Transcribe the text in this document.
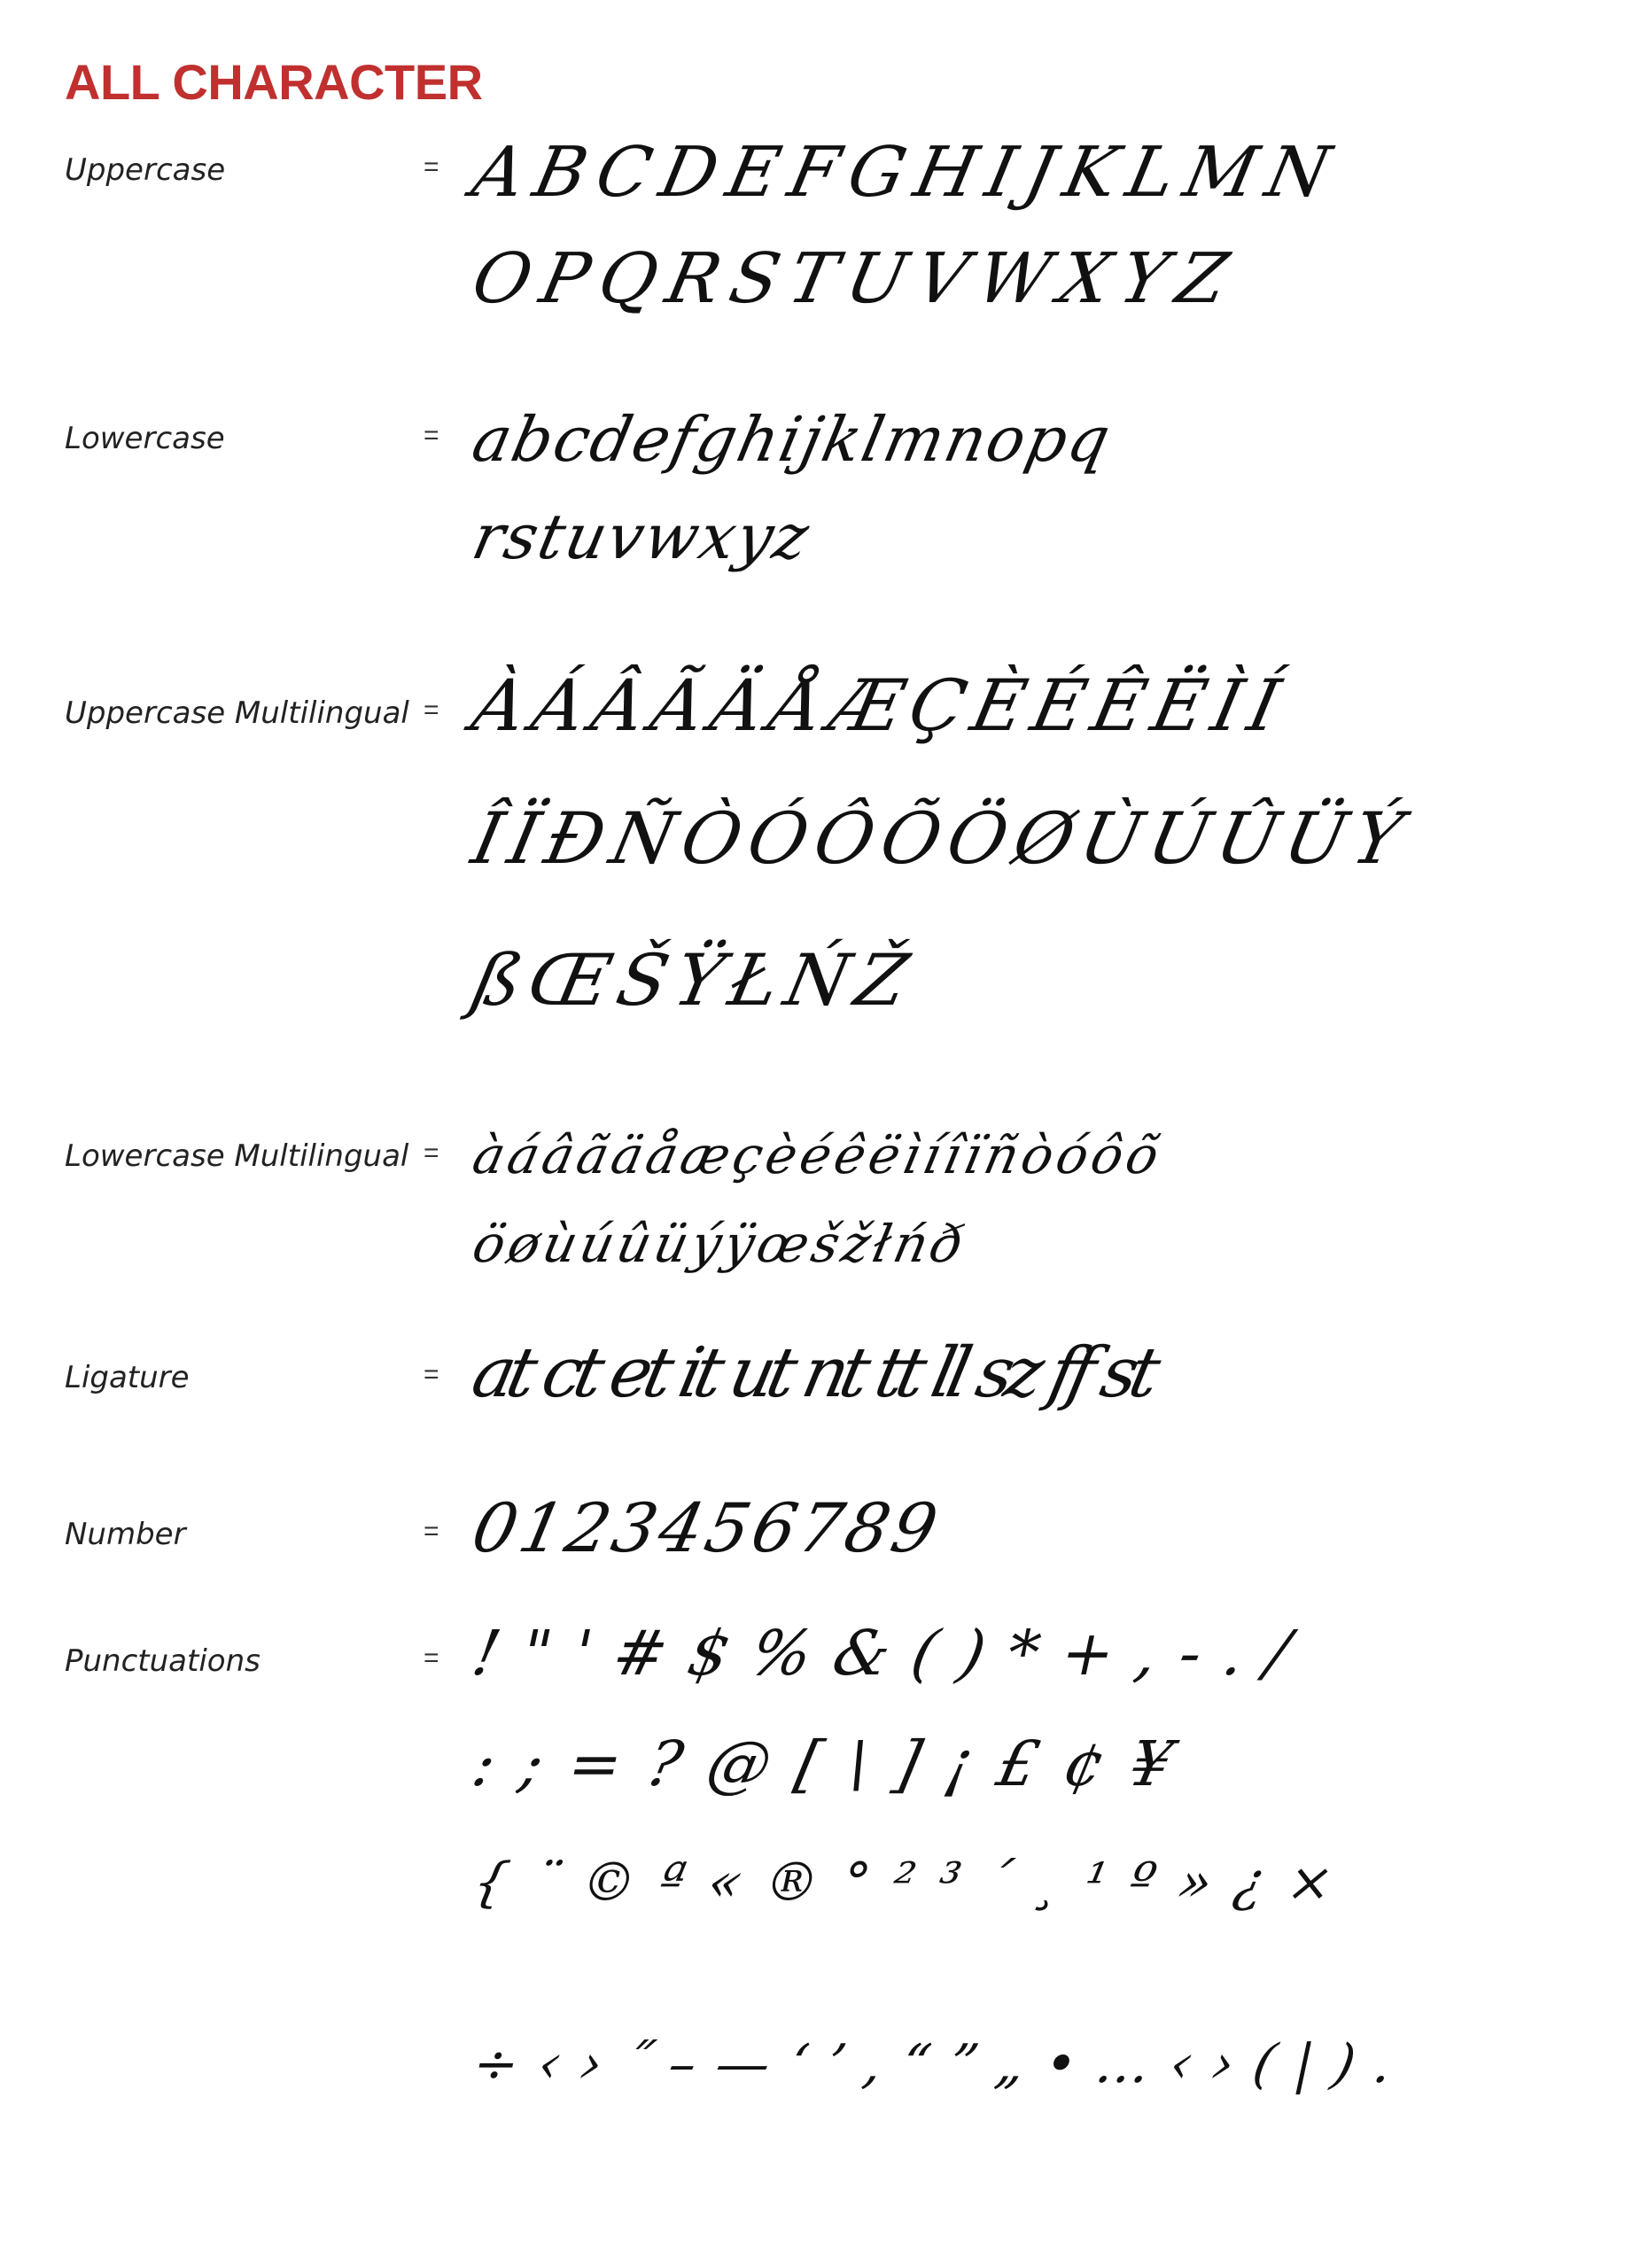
ALL CHARACTER
Uppercase	= A B C D E F G H I J K L M N
O P Q R S T U V W X Y Z
Lowercase	= a b c d e f g h i j k l m n o p q
r s t u v w x y z
Uppercase Multilingual = À Á Â Ã Ä Å Æ Ç È É Ê Ë Ì Í
Î Ï Ð Ñ Ò Ó Ô Õ Ö Ø Ù Ú Û Ü Ý
ß Œ Š Ÿ Ł Ń Ž
Lowercase Multilingual = à á â ã ä å æ ç è é ê ë ì í î ï ñ ò ó ô õ
ö ø ù ú û ü ý ÿ œ š ž ł ń ð
Ligature	= at ct et it ut nt tt ll sz ff st
Number	= 0 1 2 3 4 5 6 7 8 9
Punctuations	= ! " ' # $ % & ( ) * + , - . /
: ; = ? @ [ \ ] ¡ £ ¢ ¥
{ ¨ © ª « ® ° ² ³ ´ ¸ ¹ º » ¿ ×
÷ ‹ › ˝ – — ‘ ’ ‚ “ ” „ • … ‹ › ( | ) .
